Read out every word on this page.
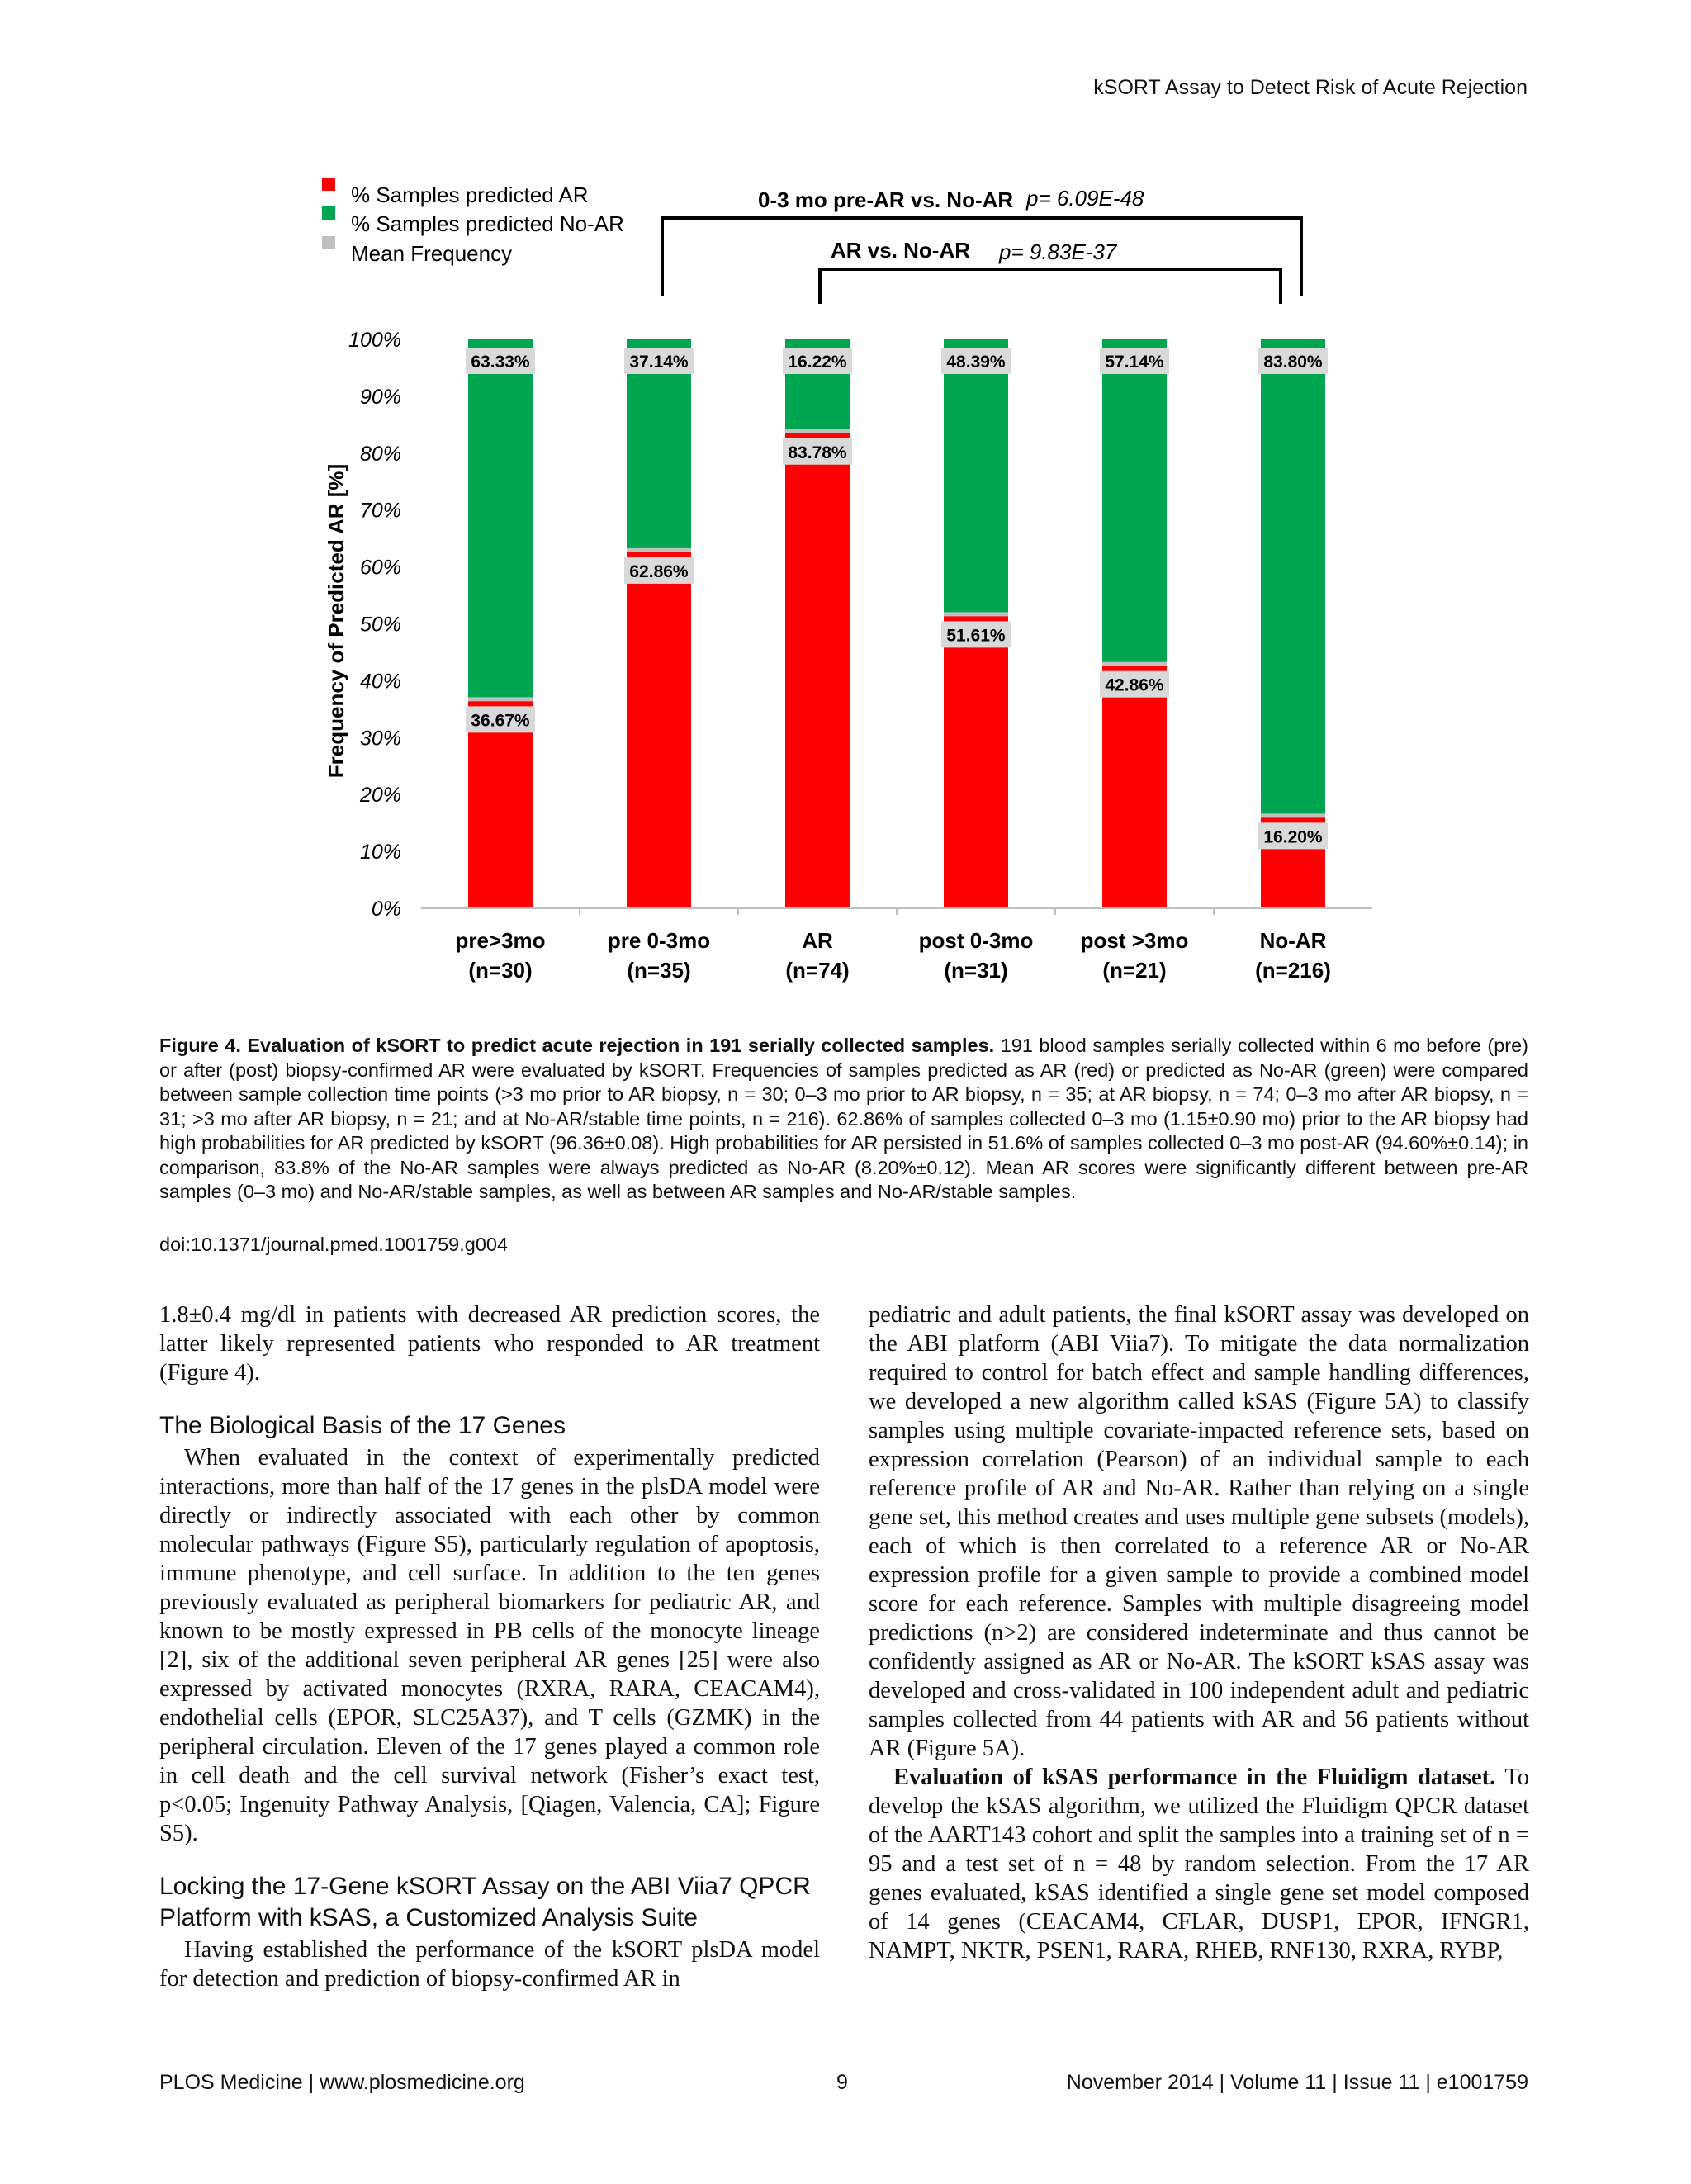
kSORT Assay to Detect Risk of Acute Rejection
% Samples predicted AR
% Samples predicted No-AR
Mean Frequency
0-3 mo pre-AR vs. No-AR p= 6.09E-48
AR vs. No-AR p= 9.83E-37
Frequency of Predicted AR [%]
0%
10%
20%
30%
40%
50%
60%
70%
80%
90%
100%
63.33%
36.67%
37.14%
62.86%
16.22%
83.78%
48.39%
51.61%
57.14%
42.86%
83.80%
16.20%
pre>3mo
(n=30)
pre 0-3mo
(n=35)
AR
(n=74)
post 0-3mo
(n=31)
post >3mo
(n=21)
No-AR
(n=216)
Figure 4. Evaluation of kSORT to predict acute rejection in 191 serially collected samples. 191 blood samples serially collected within 6 mo before (pre) or after (post) biopsy-confirmed AR were evaluated by kSORT. Frequencies of samples predicted as AR (red) or predicted as No-AR (green) were compared between sample collection time points (>3 mo prior to AR biopsy, n = 30; 0–3 mo prior to AR biopsy, n = 35; at AR biopsy, n = 74; 0–3 mo after AR biopsy, n = 31; >3 mo after AR biopsy, n = 21; and at No-AR/stable time points, n = 216). 62.86% of samples collected 0–3 mo (1.15±0.90 mo) prior to the AR biopsy had high probabilities for AR predicted by kSORT (96.36±0.08). High probabilities for AR persisted in 51.6% of samples collected 0–3 mo post-AR (94.60%±0.14); in comparison, 83.8% of the No-AR samples were always predicted as No-AR (8.20%±0.12). Mean AR scores were significantly different between pre-AR samples (0–3 mo) and No-AR/stable samples, as well as between AR samples and No-AR/stable samples.
doi:10.1371/journal.pmed.1001759.g004

1.8±0.4 mg/dl in patients with decreased AR prediction scores, the latter likely represented patients who responded to AR treatment (Figure 4).

The Biological Basis of the 17 Genes

When evaluated in the context of experimentally predicted interactions, more than half of the 17 genes in the plsDA model were directly or indirectly associated with each other by common molecular pathways (Figure S5), particularly regulation of apoptosis, immune phenotype, and cell surface. In addition to the ten genes previously evaluated as peripheral biomarkers for pediatric AR, and known to be mostly expressed in PB cells of the monocyte lineage [2], six of the additional seven peripheral AR genes [25] were also expressed by activated monocytes (RXRA, RARA, CEACAM4), endothelial cells (EPOR, SLC25A37), and T cells (GZMK) in the peripheral circulation. Eleven of the 17 genes played a common role in cell death and the cell survival network (Fisher’s exact test, p<0.05; Ingenuity Pathway Analysis, [Qiagen, Valencia, CA]; Figure S5).

Locking the 17-Gene kSORT Assay on the ABI Viia7 QPCR Platform with kSAS, a Customized Analysis Suite

Having established the performance of the kSORT plsDA model for detection and prediction of biopsy-confirmed AR in

pediatric and adult patients, the final kSORT assay was developed on the ABI platform (ABI Viia7). To mitigate the data normalization required to control for batch effect and sample handling differences, we developed a new algorithm called kSAS (Figure 5A) to classify samples using multiple covariate-impacted reference sets, based on expression correlation (Pearson) of an individual sample to each reference profile of AR and No-AR. Rather than relying on a single gene set, this method creates and uses multiple gene subsets (models), each of which is then correlated to a reference AR or No-AR expression profile for a given sample to provide a combined model score for each reference. Samples with multiple disagreeing model predictions (n>2) are considered indeterminate and thus cannot be confidently assigned as AR or No-AR. The kSORT kSAS assay was developed and cross-validated in 100 independent adult and pediatric samples collected from 44 patients with AR and 56 patients without AR (Figure 5A).

Evaluation of kSAS performance in the Fluidigm dataset. To develop the kSAS algorithm, we utilized the Fluidigm QPCR dataset of the AART143 cohort and split the samples into a training set of n = 95 and a test set of n = 48 by random selection. From the 17 AR genes evaluated, kSAS identified a single gene set model composed of 14 genes (CEACAM4, CFLAR, DUSP1, EPOR, IFNGR1, NAMPT, NKTR, PSEN1, RARA, RHEB, RNF130, RXRA, RYBP,

PLOS Medicine | www.plosmedicine.org	9	November 2014 | Volume 11 | Issue 11 | e1001759
